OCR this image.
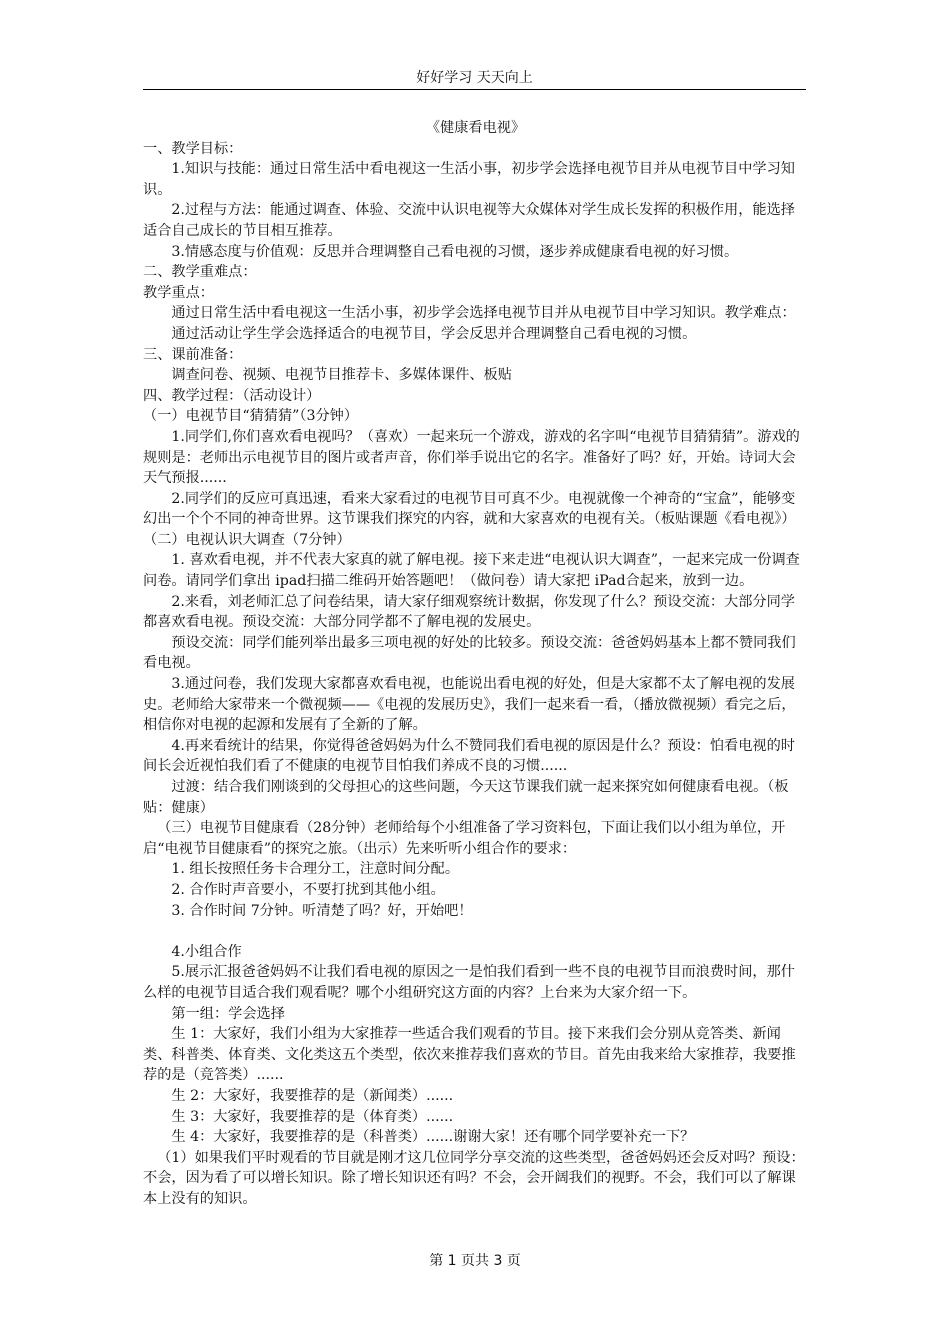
好好学习 天天向上

《健康看电视》

一、教学目标：

1.知识与技能：通过日常生活中看电视这一生活小事，初步学会选择电视节目并从电视节目中学习知识。

2.过程与方法：能通过调查、体验、交流中认识电视等大众媒体对学生成长发挥的积极作用，能选择适合自己成长的节目相互推荐。

3.情感态度与价值观：反思并合理调整自己看电视的习惯，逐步养成健康看电视的好习惯。

二、教学重难点：

教学重点：

通过日常生活中看电视这一生活小事，初步学会选择电视节目并从电视节目中学习知识。教学难点：

通过活动让学生学会选择适合的电视节目，学会反思并合理调整自己看电视的习惯。

三、课前准备：

调查问卷、视频、电视节目推荐卡、多媒体课件、板贴

四、教学过程：（活动设计）

（一）电视节目“猜猜猜”（3分钟）

1.同学们,你们喜欢看电视吗？（喜欢）一起来玩一个游戏，游戏的名字叫“电视节目猜猜猜”。游戏的规则是：老师出示电视节目的图片或者声音，你们举手说出它的名字。准备好了吗？好，开始。诗词大会天气预报......

2.同学们的反应可真迅速，看来大家看过的电视节目可真不少。电视就像一个神奇的“宝盒”，能够变幻出一个个不同的神奇世界。这节课我们探究的内容，就和大家喜欢的电视有关。（板贴课题《看电视》）

（二）电视认识大调查（7分钟）

1. 喜欢看电视，并不代表大家真的就了解电视。接下来走进“电视认识大调查”，一起来完成一份调查问卷。请同学们拿出 ipad扫描二维码开始答题吧！（做问卷）请大家把 iPad合起来，放到一边。

2.来看，刘老师汇总了问卷结果，请大家仔细观察统计数据，你发现了什么？预设交流：大部分同学都喜欢看电视。预设交流：大部分同学都不了解电视的发展史。

预设交流：同学们能列举出最多三项电视的好处的比较多。预设交流：爸爸妈妈基本上都不赞同我们看电视。

3.通过问卷，我们发现大家都喜欢看电视，也能说出看电视的好处，但是大家都不太了解电视的发展史。老师给大家带来一个微视频——《电视的发展历史》，我们一起来看一看，（播放微视频）看完之后，相信你对电视的起源和发展有了全新的了解。

4.再来看统计的结果，你觉得爸爸妈妈为什么不赞同我们看电视的原因是什么？预设：怕看电视的时间长会近视怕我们看了不健康的电视节目怕我们养成不良的习惯......

过渡：结合我们刚谈到的父母担心的这些问题，今天这节课我们就一起来探究如何健康看电视。（板贴：健康）

（三）电视节目健康看（28分钟）老师给每个小组准备了学习资料包，下面让我们以小组为单位，开启“电视节目健康看”的探究之旅。（出示）先来听听小组合作的要求：

1. 组长按照任务卡合理分工，注意时间分配。

2. 合作时声音要小，不要打扰到其他小组。

3. 合作时间 7分钟。听清楚了吗？好，开始吧！

4.小组合作

5.展示汇报爸爸妈妈不让我们看电视的原因之一是怕我们看到一些不良的电视节目而浪费时间，那什么样的电视节目适合我们观看呢？哪个小组研究这方面的内容？上台来为大家介绍一下。

第一组：学会选择

生 1：大家好，我们小组为大家推荐一些适合我们观看的节目。接下来我们会分别从竞答类、新闻类、科普类、体育类、文化类这五个类型，依次来推荐我们喜欢的节目。首先由我来给大家推荐，我要推荐的是（竞答类）......

生 2：大家好，我要推荐的是（新闻类）......

生 3：大家好，我要推荐的是（体育类）......

生 4：大家好，我要推荐的是（科普类）......谢谢大家！还有哪个同学要补充一下？

（1）如果我们平时观看的节目就是刚才这几位同学分享交流的这些类型，爸爸妈妈还会反对吗？预设：不会，因为看了可以增长知识。除了增长知识还有吗？不会，会开阔我们的视野。不会，我们可以了解课本上没有的知识。

第 1 页共 3 页
